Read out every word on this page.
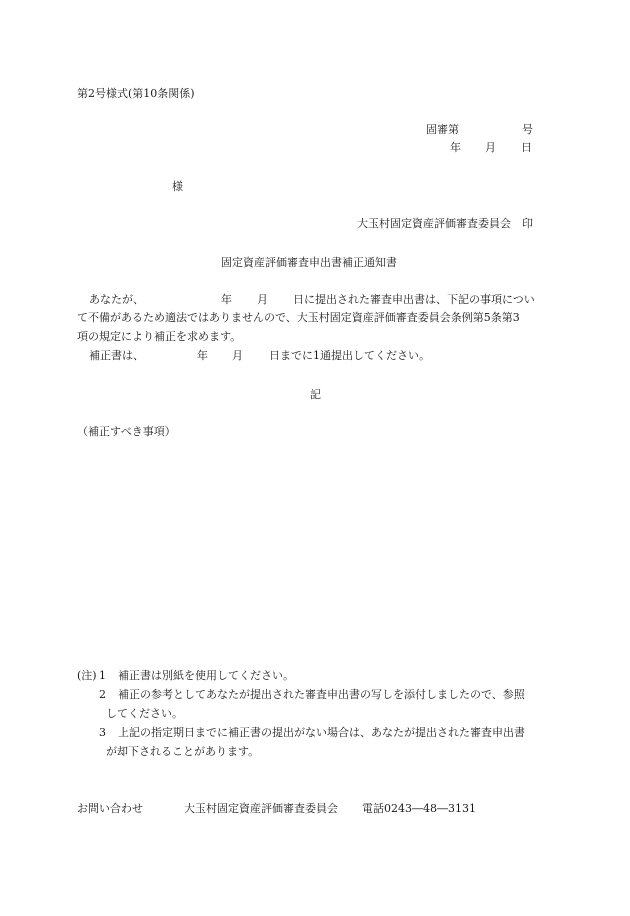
第2号様式(第10条関係)
固審第	号
年 月 日
様
大玉村固定資産評価審査委員会　印
固定資産評価審査申出書補正通知書
あなたが、	年 月 日に提出された審査申出書は、下記の事項につい
て不備があるため適法ではありませんので、大玉村固定資産評価審査委員会条例第5条第3
項の規定により補正を求めます。
補正書は、	年 月 日までに1通提出してください。
記
（補正すべき事項）
(注) 1 補正書は別紙を使用してください。
2 補正の参考としてあなたが提出された審査申出書の写しを添付しましたので、参照
してください。
3 上記の指定期日までに補正書の提出がない場合は、あなたが提出された審査申出書
が却下されることがあります。
お問い合わせ	大玉村固定資産評価審査委員会 電話0243―48―3131
